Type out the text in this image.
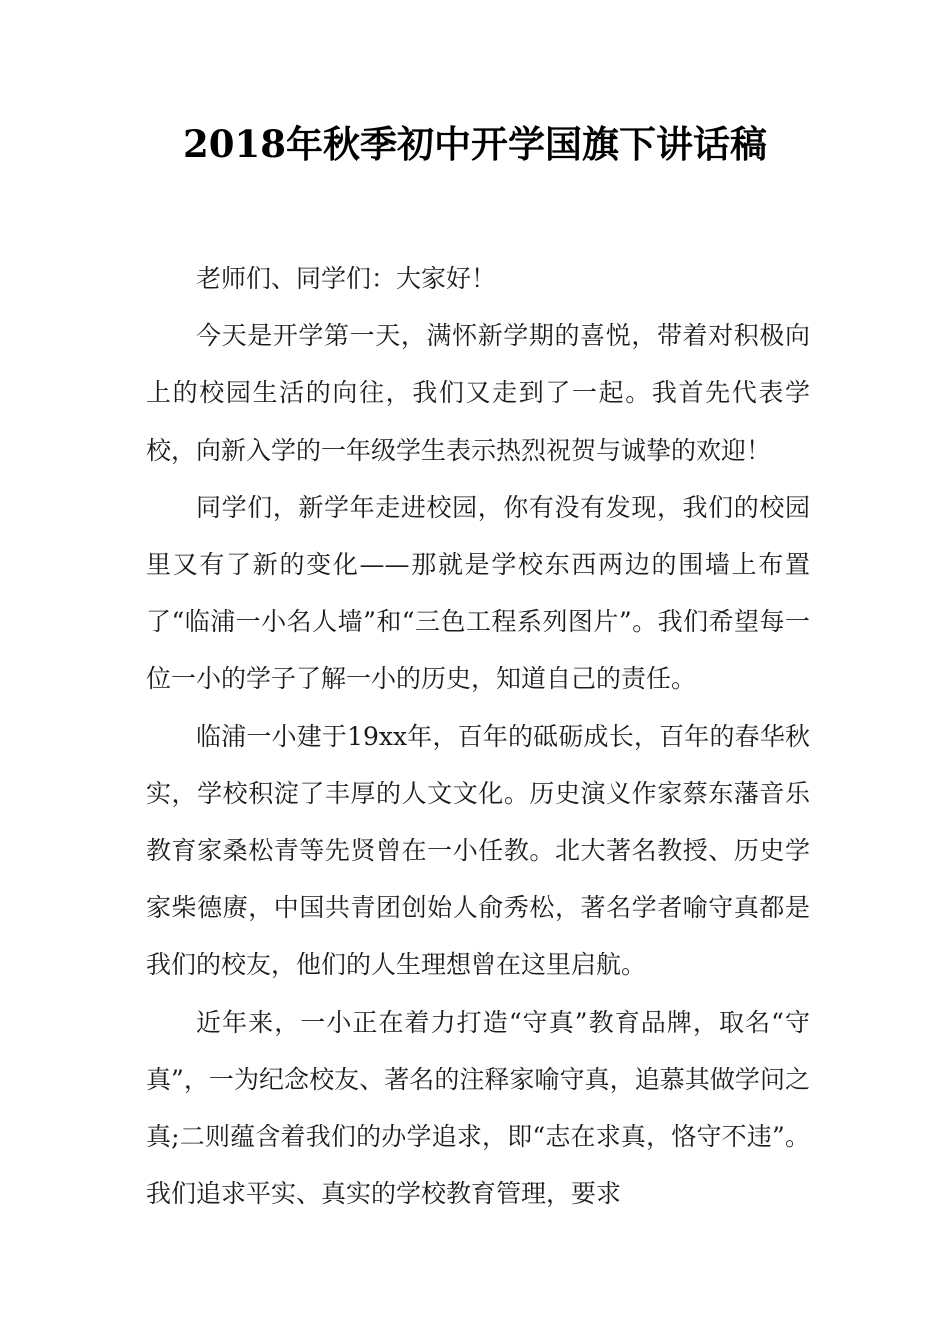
2018年秋季初中开学国旗下讲话稿

老师们、同学们：大家好！

今天是开学第一天，满怀新学期的喜悦，带着对积极向上的校园生活的向往，我们又走到了一起。我首先代表学校，向新入学的一年级学生表示热烈祝贺与诚挚的欢迎！

同学们，新学年走进校园，你有没有发现，我们的校园里又有了新的变化——那就是学校东西两边的围墙上布置了“临浦一小名人墙”和“三色工程系列图片”。我们希望每一位一小的学子了解一小的历史，知道自己的责任。

临浦一小建于19xx年，百年的砥砺成长，百年的春华秋实，学校积淀了丰厚的人文文化。历史演义作家蔡东藩音乐教育家桑松青等先贤曾在一小任教。北大著名教授、历史学家柴德赓，中国共青团创始人俞秀松，著名学者喻守真都是我们的校友，他们的人生理想曾在这里启航。

近年来，一小正在着力打造“守真”教育品牌，取名“守真”，一为纪念校友、著名的注释家喻守真，追慕其做学问之真;二则蕴含着我们的办学追求，即“志在求真，恪守不违”。我们追求平实、真实的学校教育管理，要求
